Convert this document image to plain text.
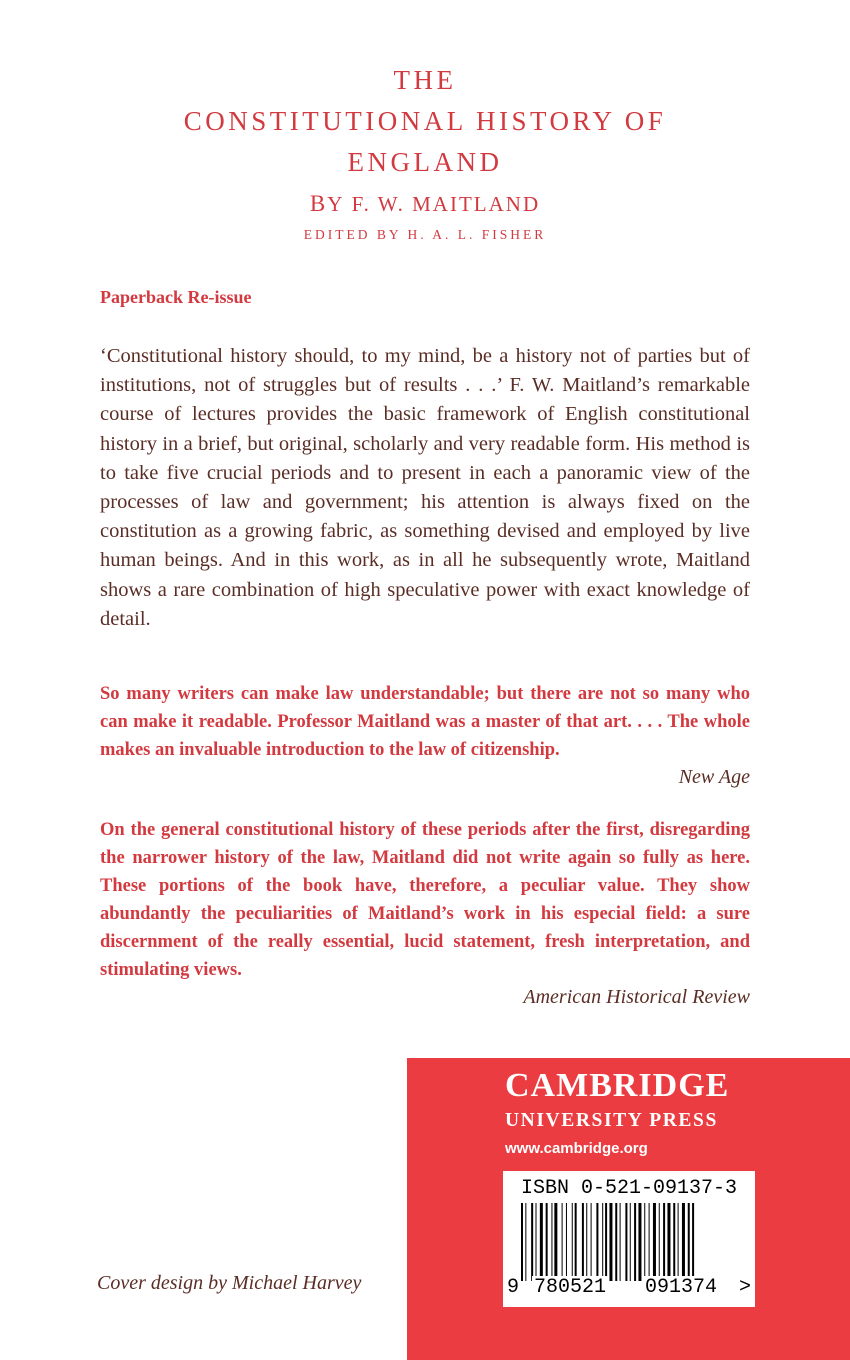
THE
CONSTITUTIONAL HISTORY OF
ENGLAND
BY F. W. MAITLAND
EDITED BY H. A. L. FISHER
Paperback Re-issue
‘Constitutional history should, to my mind, be a history not of parties but of institutions, not of struggles but of results . . .’ F. W. Maitland’s remarkable course of lectures provides the basic framework of English constitutional history in a brief, but original, scholarly and very readable form. His method is to take five crucial periods and to present in each a panoramic view of the processes of law and government; his attention is always fixed on the constitution as a growing fabric, as something devised and employed by live human beings. And in this work, as in all he subsequently wrote, Maitland shows a rare combination of high speculative power with exact knowledge of detail.
So many writers can make law understandable; but there are not so many who can make it readable. Professor Maitland was a master of that art. . . . The whole makes an invaluable introduction to the law of citizenship.
New Age
On the general constitutional history of these periods after the first, disregarding the narrower history of the law, Maitland did not write again so fully as here. These portions of the book have, therefore, a peculiar value. They show abundantly the peculiarities of Maitland’s work in his especial field: a sure discernment of the really essential, lucid statement, fresh interpretation, and stimulating views.
American Historical Review
Cover design by Michael Harvey
CAMBRIDGE
UNIVERSITY PRESS
www.cambridge.org
ISBN 0-521-09137-3
9 780521 091374 >
